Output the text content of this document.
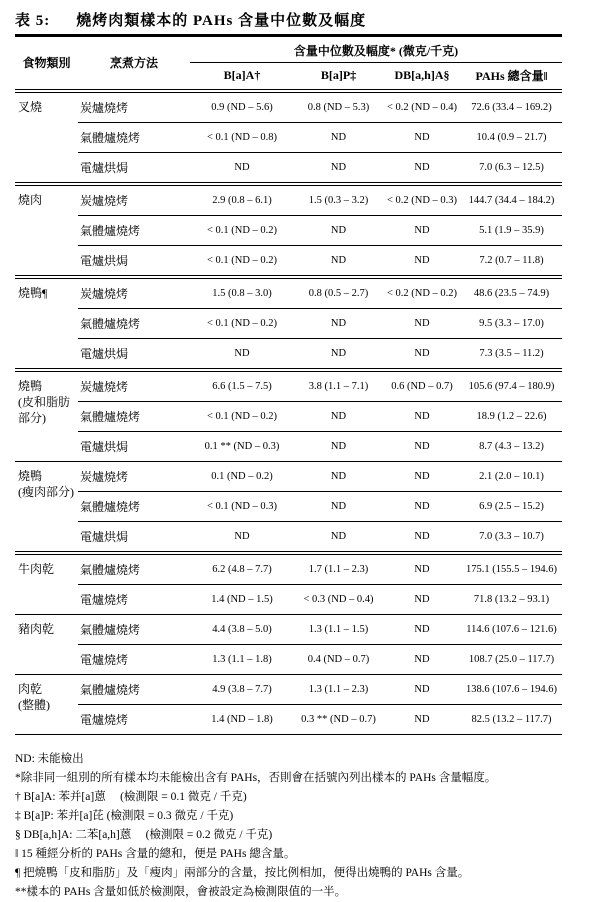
表 5: 燒烤肉類樣本的 PAHs 含量中位數及幅度
食物類別	烹煮方法	含量中位數及幅度* (微克/千克)			
		B[a]A†	B[a]P‡	DB[a,h]A§	PAHs 總含量‖

叉燒	炭爐燒烤	0.9 (ND – 5.6)	0.8 (ND – 5.3)	< 0.2 (ND – 0.4)	72.6 (33.4 – 169.2)
	氣體爐燒烤	< 0.1 (ND – 0.8)	ND	ND	10.4 (0.9 – 21.7)
	電爐烘焗	ND	ND	ND	7.0 (6.3 – 12.5)

燒肉	炭爐燒烤	2.9 (0.8 – 6.1)	1.5 (0.3 – 3.2)	< 0.2 (ND – 0.3)	144.7 (34.4 – 184.2)
	氣體爐燒烤	< 0.1 (ND – 0.2)	ND	ND	5.1 (1.9 – 35.9)
	電爐烘焗	< 0.1 (ND – 0.2)	ND	ND	7.2 (0.7 – 11.8)

燒鴨¶	炭爐燒烤	1.5 (0.8 – 3.0)	0.8 (0.5 – 2.7)	< 0.2 (ND – 0.2)	48.6 (23.5 – 74.9)
	氣體爐燒烤	< 0.1 (ND – 0.2)	ND	ND	9.5 (3.3 – 17.0)
	電爐烘焗	ND	ND	ND	7.3 (3.5 – 11.2)

燒鴨
(皮和脂肪部分)	炭爐燒烤	6.6 (1.5 – 7.5)	3.8 (1.1 – 7.1)	0.6 (ND – 0.7)	105.6 (97.4 – 180.9)
	氣體爐燒烤	< 0.1 (ND – 0.2)	ND	ND	18.9 (1.2 – 22.6)
	電爐烘焗	0.1 ** (ND – 0.3)	ND	ND	8.7 (4.3 – 13.2)

燒鴨
(瘦肉部分)	炭爐燒烤	0.1 (ND – 0.2)	ND	ND	2.1 (2.0 – 10.1)
	氣體爐燒烤	< 0.1 (ND – 0.3)	ND	ND	6.9 (2.5 – 15.2)
	電爐烘焗	ND	ND	ND	7.0 (3.3 – 10.7)

牛肉乾	氣體爐燒烤	6.2 (4.8 – 7.7)	1.7 (1.1 – 2.3)	ND	175.1 (155.5 – 194.6)
	電爐燒烤	1.4 (ND – 1.5)	< 0.3 (ND – 0.4)	ND	71.8 (13.2 – 93.1)

豬肉乾	氣體爐燒烤	4.4 (3.8 – 5.0)	1.3 (1.1 – 1.5)	ND	114.6 (107.6 – 121.6)
	電爐燒烤	1.3 (1.1 – 1.8)	0.4 (ND – 0.7)	ND	108.7 (25.0 – 117.7)

肉乾
(整體)	氣體爐燒烤	4.9 (3.8 – 7.7)	1.3 (1.1 – 2.3)	ND	138.6 (107.6 – 194.6)
	電爐燒烤	1.4 (ND – 1.8)	0.3 ** (ND – 0.7)	ND	82.5 (13.2 – 117.7)
ND: 未能檢出
*除非同一組別的所有樣本均未能檢出含有 PAHs，否則會在括號內列出樣本的 PAHs 含量幅度。
† B[a]A: 苯并[a]蒽　 (檢測限 = 0.1 微克 / 千克)
‡ B[a]P: 苯并[a]芘 (檢測限 = 0.3 微克 / 千克)
§ DB[a,h]A: 二苯[a,h]蒽　 (檢測限 = 0.2 微克 / 千克)
‖ 15 種經分析的 PAHs 含量的總和，便是 PAHs 總含量。
¶ 把燒鴨「皮和脂肪」及「瘦肉」兩部分的含量，按比例相加，便得出燒鴨的 PAHs 含量。
**樣本的 PAHs 含量如低於檢測限，會被設定為檢測限值的一半。
